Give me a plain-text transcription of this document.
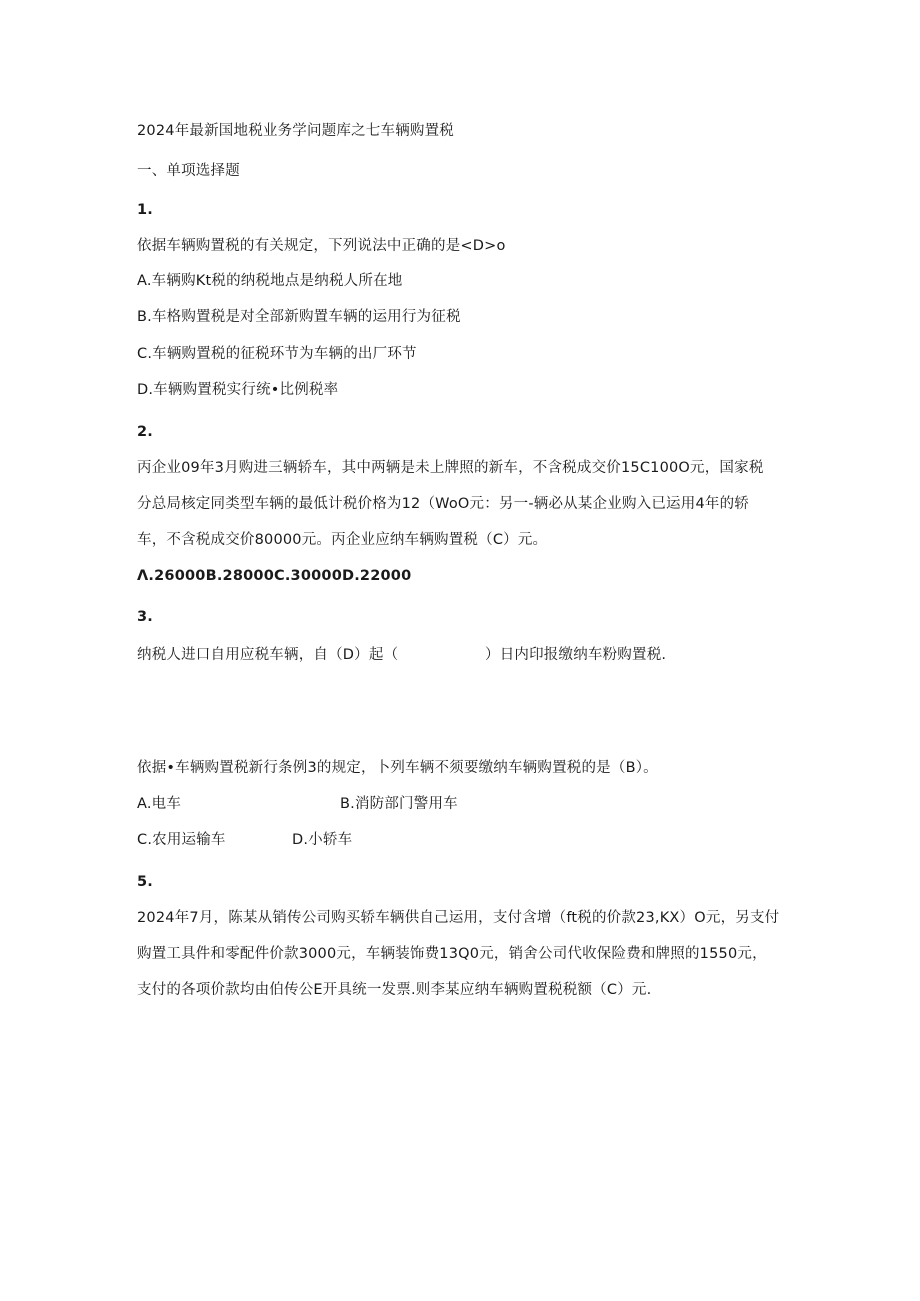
2024年最新国地税业务学问题库之七车辆购置税
一、单项选择题
1.
依据车辆购置税的有关规定，下列说法中正确的是<D>o
A.车辆购Kt税的纳税地点是纳税人所在地
B.车格购置税是对全部新购置车辆的运用行为征税
C.车辆购置税的征税环节为车辆的出厂环节
D.车辆购置税实行统•比例税率
2.
丙企业09年3月购进三辆轿车，其中两辆是未上牌照的新车，不含税成交价15C100O元，国家税
分总局核定同类型车辆的最低计税价格为12（WoO元：另一-辆必从某企业购入已运用4年的轿
车，不含税成交价80000元。丙企业应纳车辆购置税（C）元。
Λ.26000B.28000C.30000D.22000
3.
纳税人进口自用应税车辆，自（D）起（	）日内印报缴纳车粉购置税.
依据•车辆购置税新行条例3的规定，卜列车辆不须要缴纳车辆购置税的是（B）。
A.电车	B.消防部门警用车
C.农用运输车	D.小轿车
5.
2024年7月，陈某从销传公司购买轿车辆供自己运用，支付含增（ft税的价款23,KX）O元，另支付
购置工具件和零配件价款3000元，车辆装饰费13Q0元，销舍公司代收保险费和牌照的1550元，
支付的各项价款均由伯传公E开具统一发票.则李某应纳车辆购置税税额（C）元.
